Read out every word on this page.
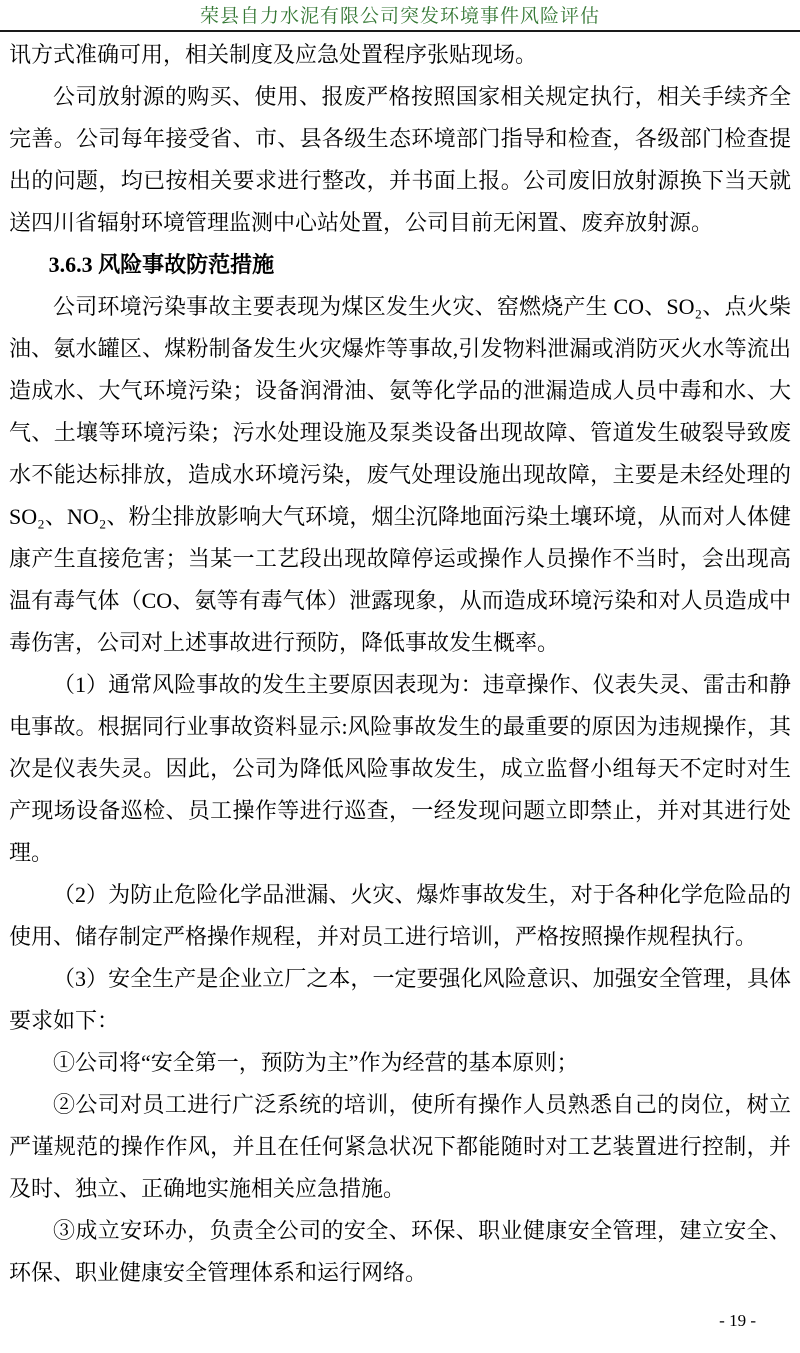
荣县自力水泥有限公司突发环境事件风险评估

讯方式准确可用，相关制度及应急处置程序张贴现场。

公司放射源的购买、使用、报废严格按照国家相关规定执行，相关手续齐全完善。公司每年接受省、市、县各级生态环境部门指导和检查，各级部门检查提出的问题，均已按相关要求进行整改，并书面上报。公司废旧放射源换下当天就送四川省辐射环境管理监测中心站处置，公司目前无闲置、废弃放射源。

3.6.3 风险事故防范措施

公司环境污染事故主要表现为煤区发生火灾、窑燃烧产生 CO、SO₂、点火柴油、氨水罐区、煤粉制备发生火灾爆炸等事故,引发物料泄漏或消防灭火水等流出造成水、大气环境污染；设备润滑油、氨等化学品的泄漏造成人员中毒和水、大气、土壤等环境污染；污水处理设施及泵类设备出现故障、管道发生破裂导致废水不能达标排放，造成水环境污染，废气处理设施出现故障，主要是未经处理的 SO₂、NO₂、粉尘排放影响大气环境，烟尘沉降地面污染土壤环境，从而对人体健康产生直接危害；当某一工艺段出现故障停运或操作人员操作不当时，会出现高温有毒气体（CO、氨等有毒气体）泄露现象，从而造成环境污染和对人员造成中毒伤害，公司对上述事故进行预防，降低事故发生概率。

（1）通常风险事故的发生主要原因表现为：违章操作、仪表失灵、雷击和静电事故。根据同行业事故资料显示:风险事故发生的最重要的原因为违规操作，其次是仪表失灵。因此，公司为降低风险事故发生，成立监督小组每天不定时对生产现场设备巡检、员工操作等进行巡查，一经发现问题立即禁止，并对其进行处理。

（2）为防止危险化学品泄漏、火灾、爆炸事故发生，对于各种化学危险品的使用、储存制定严格操作规程，并对员工进行培训，严格按照操作规程执行。

（3）安全生产是企业立厂之本，一定要强化风险意识、加强安全管理，具体要求如下：

①公司将“安全第一，预防为主”作为经营的基本原则；

②公司对员工进行广泛系统的培训，使所有操作人员熟悉自己的岗位，树立严谨规范的操作作风，并且在任何紧急状况下都能随时对工艺装置进行控制，并及时、独立、正确地实施相关应急措施。

③成立安环办，负责全公司的安全、环保、职业健康安全管理，建立安全、环保、职业健康安全管理体系和运行网络。

- 19 -
